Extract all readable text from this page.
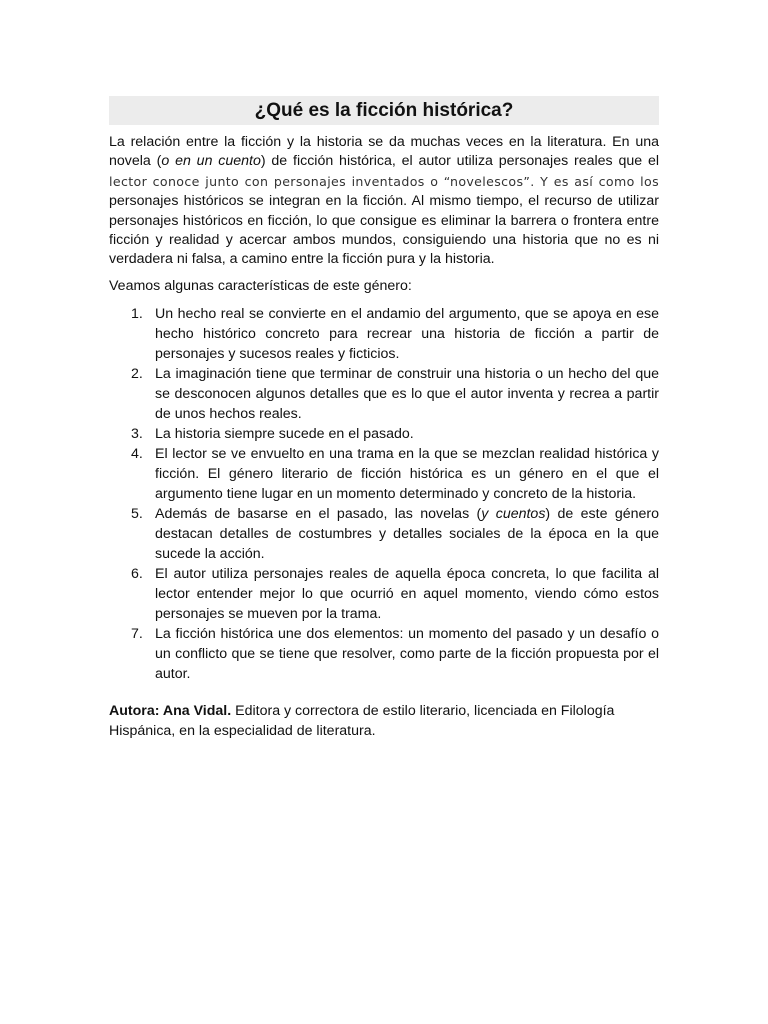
¿Qué es la ficción histórica?

La relación entre la ficción y la historia se da muchas veces en la literatura. En una novela (o en un cuento) de ficción histórica, el autor utiliza personajes reales que el lector conoce junto con personajes inventados o “novelescos”. Y es así como los personajes históricos se integran en la ficción. Al mismo tiempo, el recurso de utilizar personajes históricos en ficción, lo que consigue es eliminar la barrera o frontera entre ficción y realidad y acercar ambos mundos, consiguiendo una historia que no es ni verdadera ni falsa, a camino entre la ficción pura y la historia.

Veamos algunas características de este género:

1. Un hecho real se convierte en el andamio del argumento, que se apoya en ese hecho histórico concreto para recrear una historia de ficción a partir de personajes y sucesos reales y ficticios.
2. La imaginación tiene que terminar de construir una historia o un hecho del que se desconocen algunos detalles que es lo que el autor inventa y recrea a partir de unos hechos reales.
3. La historia siempre sucede en el pasado.
4. El lector se ve envuelto en una trama en la que se mezclan realidad histórica y ficción. El género literario de ficción histórica es un género en el que el argumento tiene lugar en un momento determinado y concreto de la historia.
5. Además de basarse en el pasado, las novelas (y cuentos) de este género destacan detalles de costumbres y detalles sociales de la época en la que sucede la acción.
6. El autor utiliza personajes reales de aquella época concreta, lo que facilita al lector entender mejor lo que ocurrió en aquel momento, viendo cómo estos personajes se mueven por la trama.
7. La ficción histórica une dos elementos: un momento del pasado y un desafío o un conflicto que se tiene que resolver, como parte de la ficción propuesta por el autor.

Autora: Ana Vidal. Editora y correctora de estilo literario, licenciada en Filología Hispánica, en la especialidad de literatura.
